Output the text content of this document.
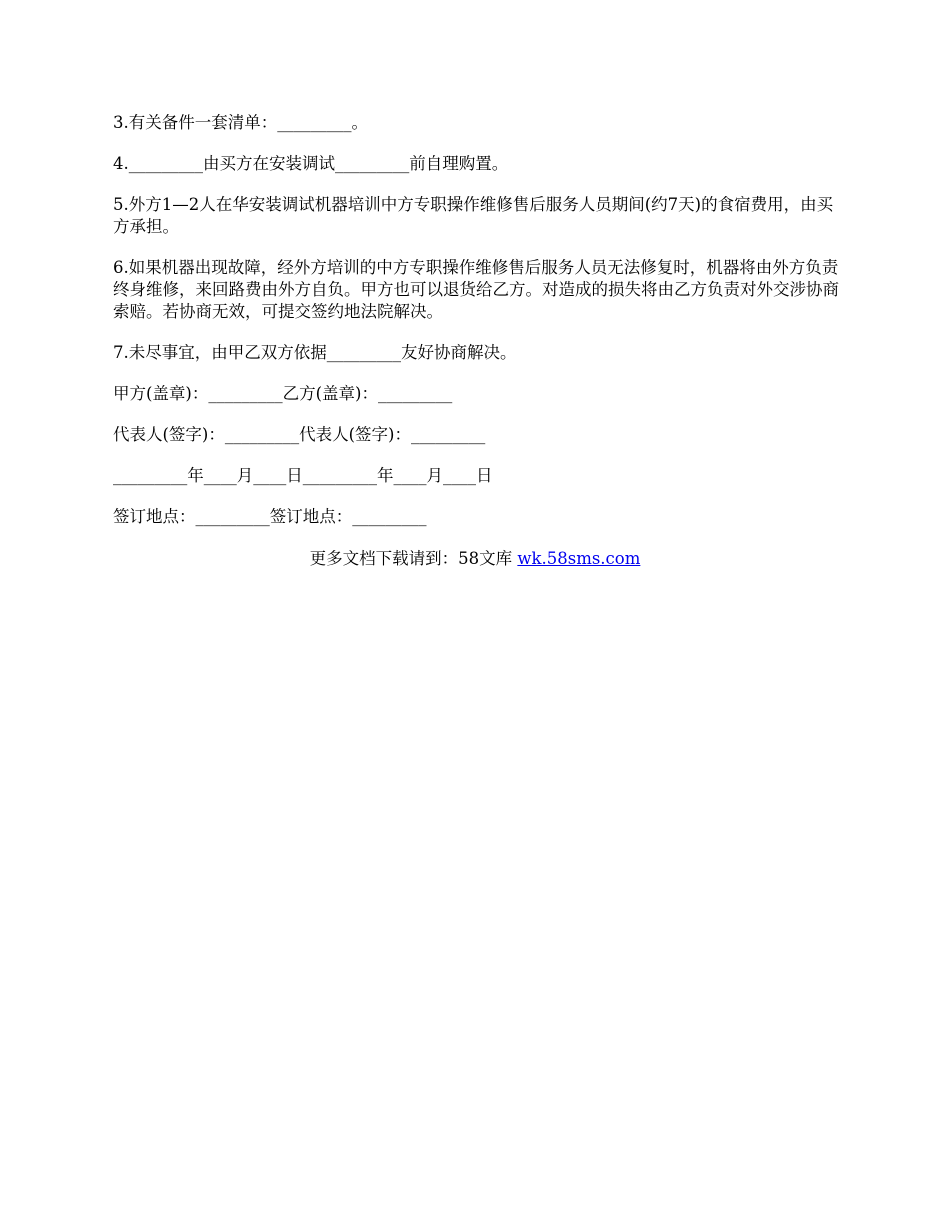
3.有关备件一套清单：_________。

4._________由买方在安装调试_________前自理购置。

5.外方1—2人在华安装调试机器培训中方专职操作维修售后服务人员期间(约7天)的食宿费用，由买方承担。

6.如果机器出现故障，经外方培训的中方专职操作维修售后服务人员无法修复时，机器将由外方负责终身维修，来回路费由外方自负。甲方也可以退货给乙方。对造成的损失将由乙方负责对外交涉协商索赔。若协商无效，可提交签约地法院解决。

7.未尽事宜，由甲乙双方依据_________友好协商解决。

甲方(盖章)：_________乙方(盖章)：_________

代表人(签字)：_________代表人(签字)：_________

_________年____月____日_________年____月____日

签订地点：_________签订地点：_________

更多文档下载请到：58文库 wk.58sms.com
